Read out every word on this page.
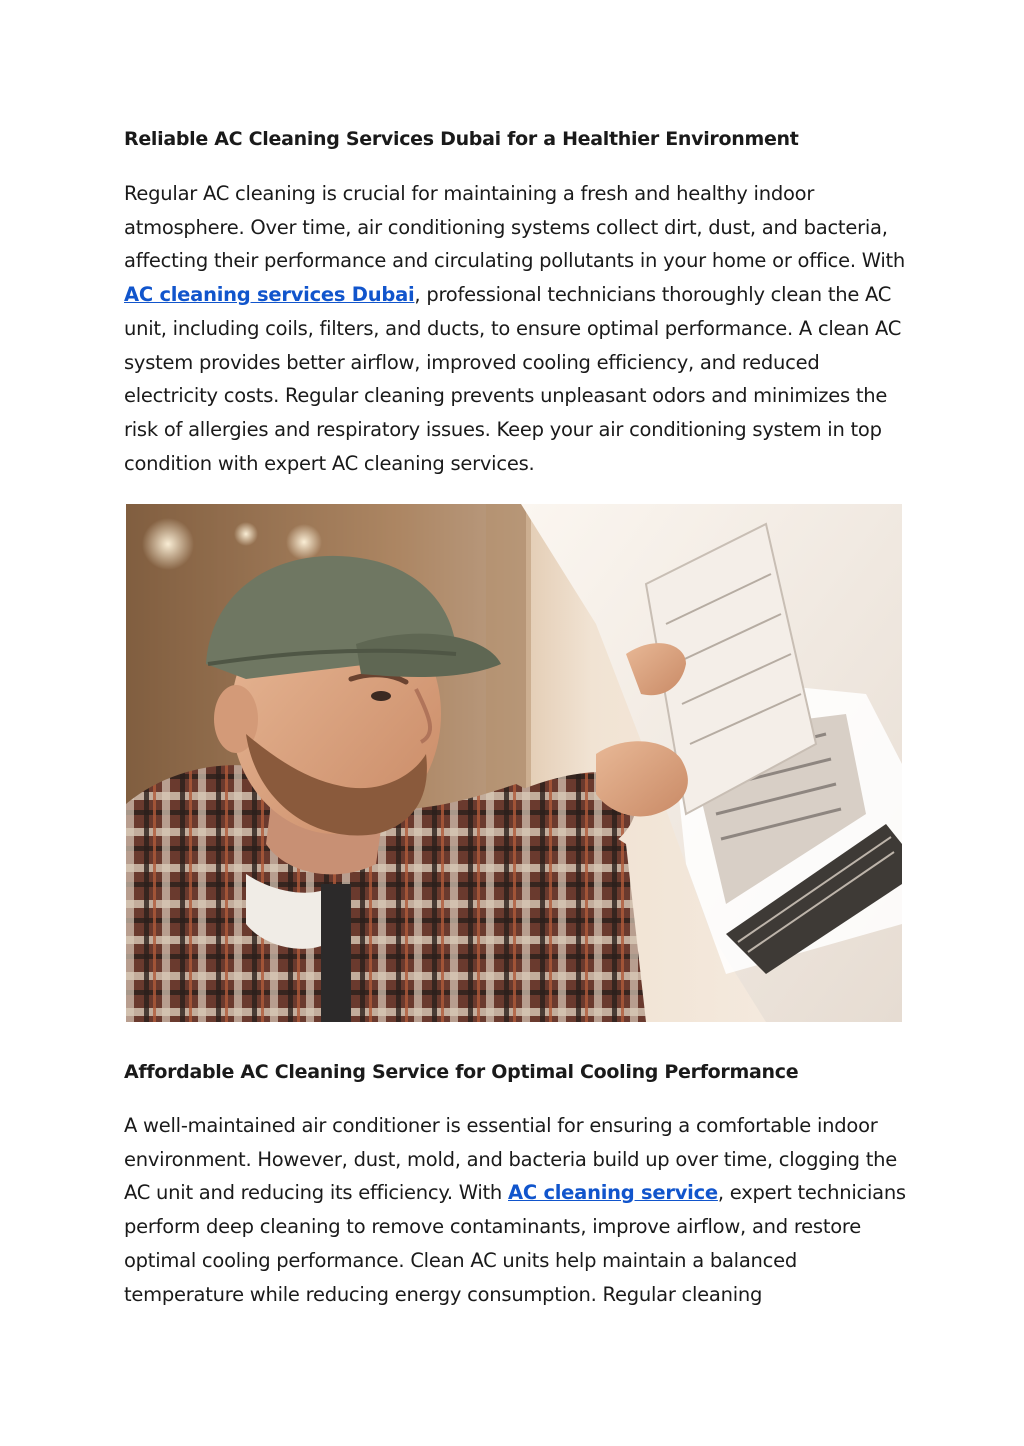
Reliable AC Cleaning Services Dubai for a Healthier Environment

Regular AC cleaning is crucial for maintaining a fresh and healthy indoor atmosphere. Over time, air conditioning systems collect dirt, dust, and bacteria, affecting their performance and circulating pollutants in your home or office. With AC cleaning services Dubai, professional technicians thoroughly clean the AC unit, including coils, filters, and ducts, to ensure optimal performance. A clean AC system provides better airflow, improved cooling efficiency, and reduced electricity costs. Regular cleaning prevents unpleasant odors and minimizes the risk of allergies and respiratory issues. Keep your air conditioning system in top condition with expert AC cleaning services.

Affordable AC Cleaning Service for Optimal Cooling Performance

A well-maintained air conditioner is essential for ensuring a comfortable indoor environment. However, dust, mold, and bacteria build up over time, clogging the AC unit and reducing its efficiency. With AC cleaning service, expert technicians perform deep cleaning to remove contaminants, improve airflow, and restore optimal cooling performance. Clean AC units help maintain a balanced temperature while reducing energy consumption. Regular cleaning
